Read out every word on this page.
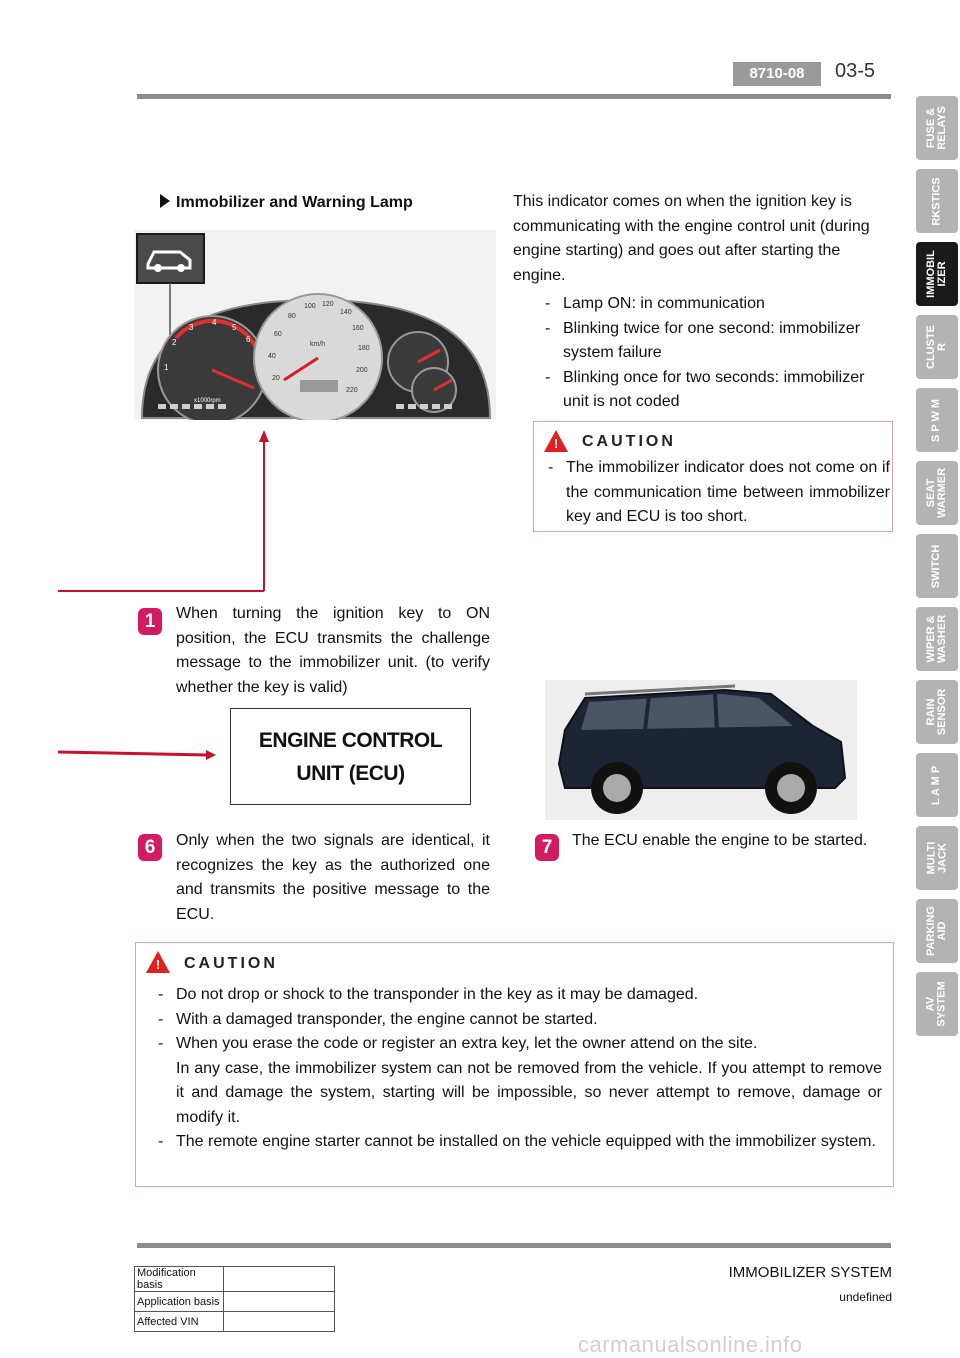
8710-08	03-5
FUSE &
RELAYS
RKSTICS
IMMOBIL
IZER
CLUSTE
R
S P W M
SEAT
WARMER
SWITCH
WIPER &
WASHER
RAIN
SENSOR
L A M P
MULTI
JACK
PARKING
AID
AV
SYSTEM
Immobilizer and Warning Lamp
1
2
3
4
5
6
x1000rpm
20
40
60
80
100 120
140
160
180
200
220
km/h
This indicator comes on when the ignition key is communicating with the engine control unit (during engine starting) and goes out after starting the engine.
- Lamp ON: in communication
- Blinking twice for one second: immobilizer system failure
- Blinking once for two seconds: immobilizer unit is not coded
!	CAUTION
- The immobilizer indicator does not come on if the communication time between immobilizer key and ECU is too short.
1	When turning the ignition key to ON position, the ECU transmits the challenge message to the immobilizer unit. (to verify whether the key is valid)
ENGINE CONTROL
UNIT (ECU)
6	Only when the two signals are identical, it recognizes the key as the authorized one and transmits the positive message to the ECU.
7	The ECU enable the engine to be started.
!	CAUTION
- Do not drop or shock to the transponder in the key as it may be damaged.
- With a damaged transponder, the engine cannot be started.
- When you erase the code or register an extra key, let the owner attend on the site.
In any case, the immobilizer system can not be removed from the vehicle. If you attempt to remove it and damage the system, starting will be impossible, so never attempt to remove, damage or modify it.
- The remote engine starter cannot be installed on the vehicle equipped with the immobilizer system.
IMMOBILIZER SYSTEM
undefined
Modification basis	
Application basis	
Affected VIN	
carmanualsonline.info
